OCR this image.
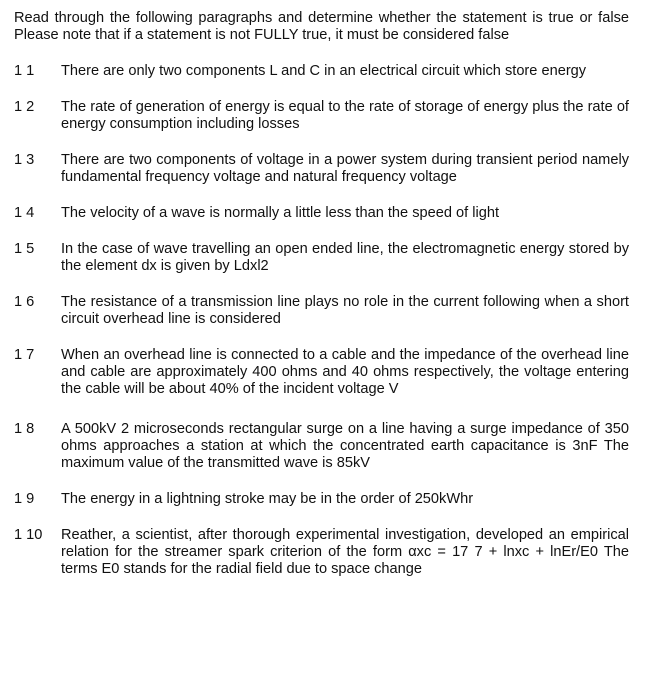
Read through the following paragraphs and determine whether the statement is true or false Please note that if a statement is not FULLY true, it must be considered false

1 1	There are only two components L and C in an electrical circuit which store energy
1 2	The rate of generation of energy is equal to the rate of storage of energy plus the rate of energy consumption including losses
1 3	There are two components of voltage in a power system during transient period namely fundamental frequency voltage and natural frequency voltage
1 4	The velocity of a wave is normally a little less than the speed of light
1 5	In the case of wave travelling an open ended line, the electromagnetic energy stored by the element dx is given by Ldxl2
1 6	The resistance of a transmission line plays no role in the current following when a short circuit overhead line is considered
1 7	When an overhead line is connected to a cable and the impedance of the overhead line and cable are approximately 400 ohms and 40 ohms respectively, the voltage entering the cable will be about 40% of the incident voltage V
1 8	A 500kV 2 microseconds rectangular surge on a line having a surge impedance of 350 ohms approaches a station at which the concentrated earth capacitance is 3nF The maximum value of the transmitted wave is 85kV
1 9	The energy in a lightning stroke may be in the order of 250kWhr
1 10	Reather, a scientist, after thorough experimental investigation, developed an empirical relation for the streamer spark criterion of the form αxc = 17 7 + lnxc + lnEr/E0 The terms E0 stands for the radial field due to space change
